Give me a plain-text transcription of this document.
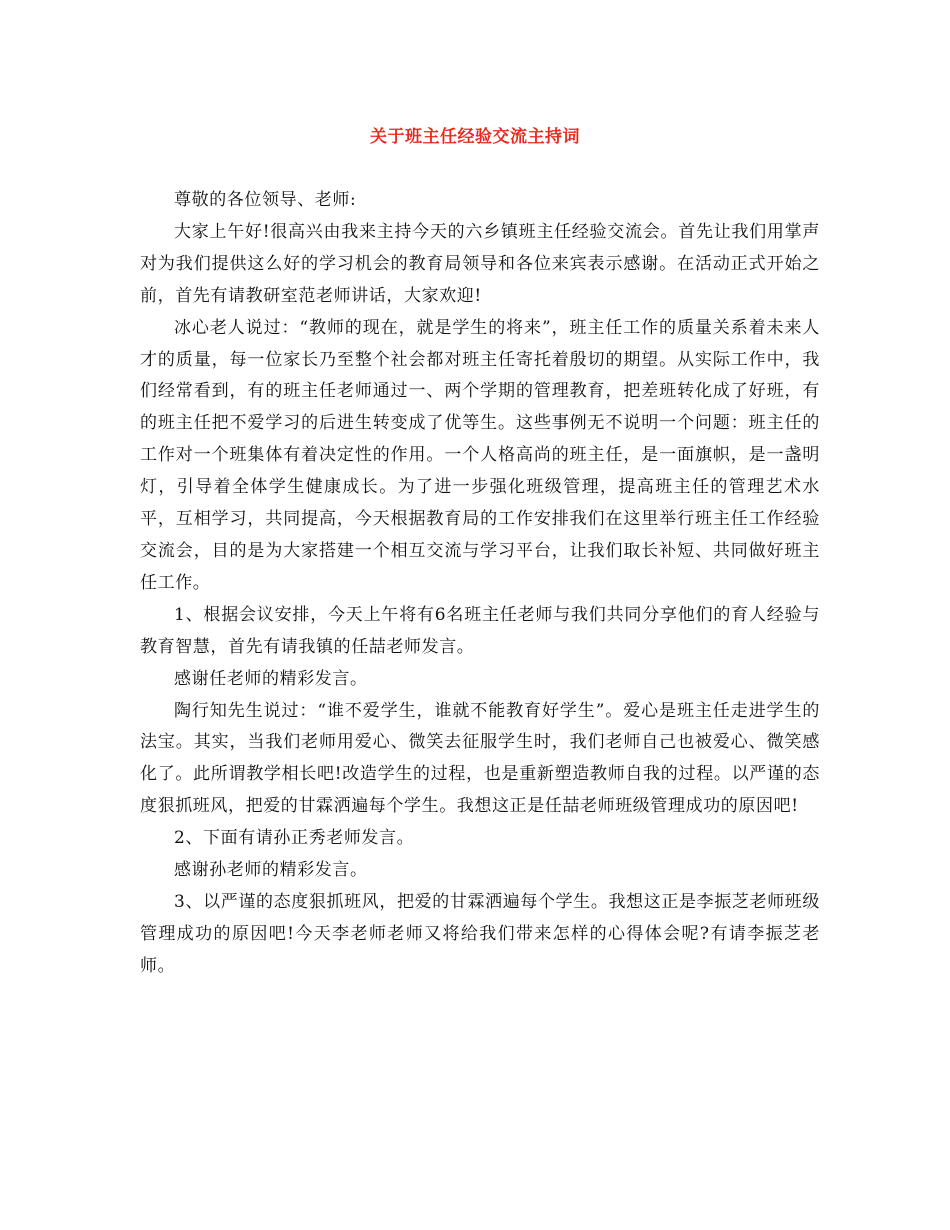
关于班主任经验交流主持词

尊敬的各位领导、老师:

大家上午好!很高兴由我来主持今天的六乡镇班主任经验交流会。首先让我们用掌声对为我们提供这么好的学习机会的教育局领导和各位来宾表示感谢。在活动正式开始之前，首先有请教研室范老师讲话，大家欢迎!

冰心老人说过：“教师的现在，就是学生的将来”，班主任工作的质量关系着未来人才的质量，每一位家长乃至整个社会都对班主任寄托着殷切的期望。从实际工作中，我们经常看到，有的班主任老师通过一、两个学期的管理教育，把差班转化成了好班，有的班主任把不爱学习的后进生转变成了优等生。这些事例无不说明一个问题：班主任的工作对一个班集体有着决定性的作用。一个人格高尚的班主任，是一面旗帜，是一盏明灯，引导着全体学生健康成长。为了进一步强化班级管理，提高班主任的管理艺术水平，互相学习，共同提高，今天根据教育局的工作安排我们在这里举行班主任工作经验交流会，目的是为大家搭建一个相互交流与学习平台，让我们取长补短、共同做好班主任工作。

1、根据会议安排，今天上午将有6名班主任老师与我们共同分享他们的育人经验与教育智慧，首先有请我镇的任喆老师发言。

感谢任老师的精彩发言。

陶行知先生说过：“谁不爱学生，谁就不能教育好学生”。爱心是班主任走进学生的法宝。其实，当我们老师用爱心、微笑去征服学生时，我们老师自己也被爱心、微笑感化了。此所谓教学相长吧!改造学生的过程，也是重新塑造教师自我的过程。以严谨的态度狠抓班风，把爱的甘霖洒遍每个学生。我想这正是任喆老师班级管理成功的原因吧!

2、下面有请孙正秀老师发言。

感谢孙老师的精彩发言。

3、以严谨的态度狠抓班风，把爱的甘霖洒遍每个学生。我想这正是李振芝老师班级管理成功的原因吧!今天李老师老师又将给我们带来怎样的心得体会呢?有请李振芝老师。
